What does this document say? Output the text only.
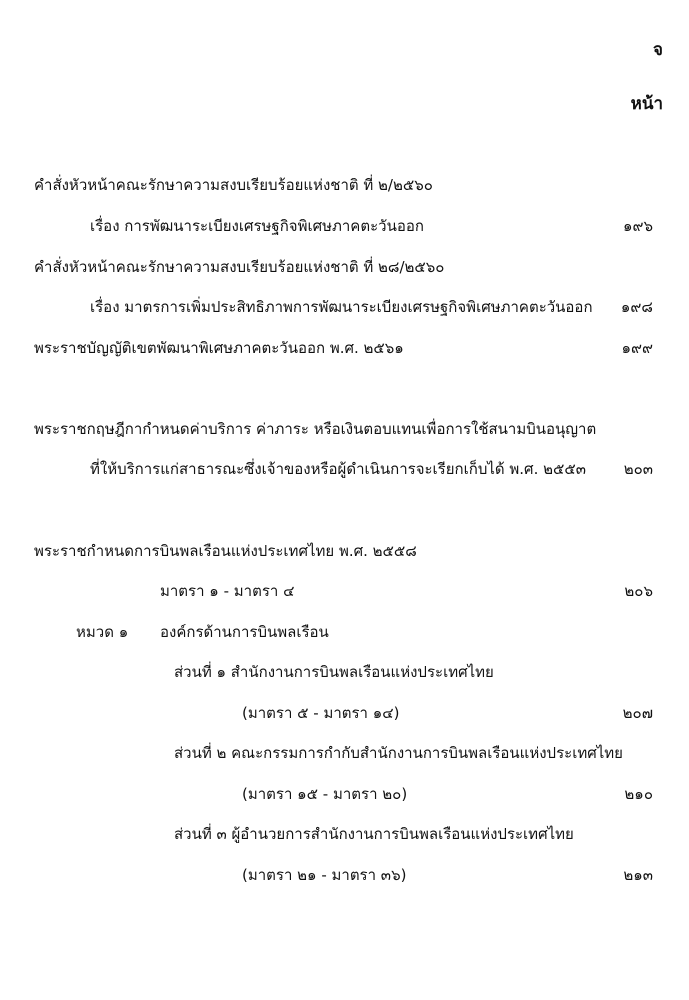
จ
หน้า
คำสั่งหัวหน้าคณะรักษาความสงบเรียบร้อยแห่งชาติ ที่ ๒/๒๕๖๐
เรื่อง การพัฒนาระเบียงเศรษฐกิจพิเศษภาคตะวันออก	๑๙๖
คำสั่งหัวหน้าคณะรักษาความสงบเรียบร้อยแห่งชาติ ที่ ๒๘/๒๕๖๐
เรื่อง มาตรการเพิ่มประสิทธิภาพการพัฒนาระเบียงเศรษฐกิจพิเศษภาคตะวันออก ๑๙๘
พระราชบัญญัติเขตพัฒนาพิเศษภาคตะวันออก พ.ศ. ๒๕๖๑	๑๙๙
พระราชกฤษฎีกากำหนดค่าบริการ ค่าภาระ หรือเงินตอบแทนเพื่อการใช้สนามบินอนุญาต
ที่ให้บริการแก่สาธารณะซึ่งเจ้าของหรือผู้ดำเนินการจะเรียกเก็บได้ พ.ศ. ๒๕๕๓	๒๐๓
พระราชกำหนดการบินพลเรือนแห่งประเทศไทย พ.ศ. ๒๕๕๘
มาตรา ๑ - มาตรา ๔	๒๐๖
หมวด ๑ องค์กรด้านการบินพลเรือน
ส่วนที่ ๑ สำนักงานการบินพลเรือนแห่งประเทศไทย
(มาตรา ๕ - มาตรา ๑๔)	๒๐๗
ส่วนที่ ๒ คณะกรรมการกำกับสำนักงานการบินพลเรือนแห่งประเทศไทย
(มาตรา ๑๕ - มาตรา ๒๐)	๒๑๐
ส่วนที่ ๓ ผู้อำนวยการสำนักงานการบินพลเรือนแห่งประเทศไทย
(มาตรา ๒๑ - มาตรา ๓๖)	๒๑๓
